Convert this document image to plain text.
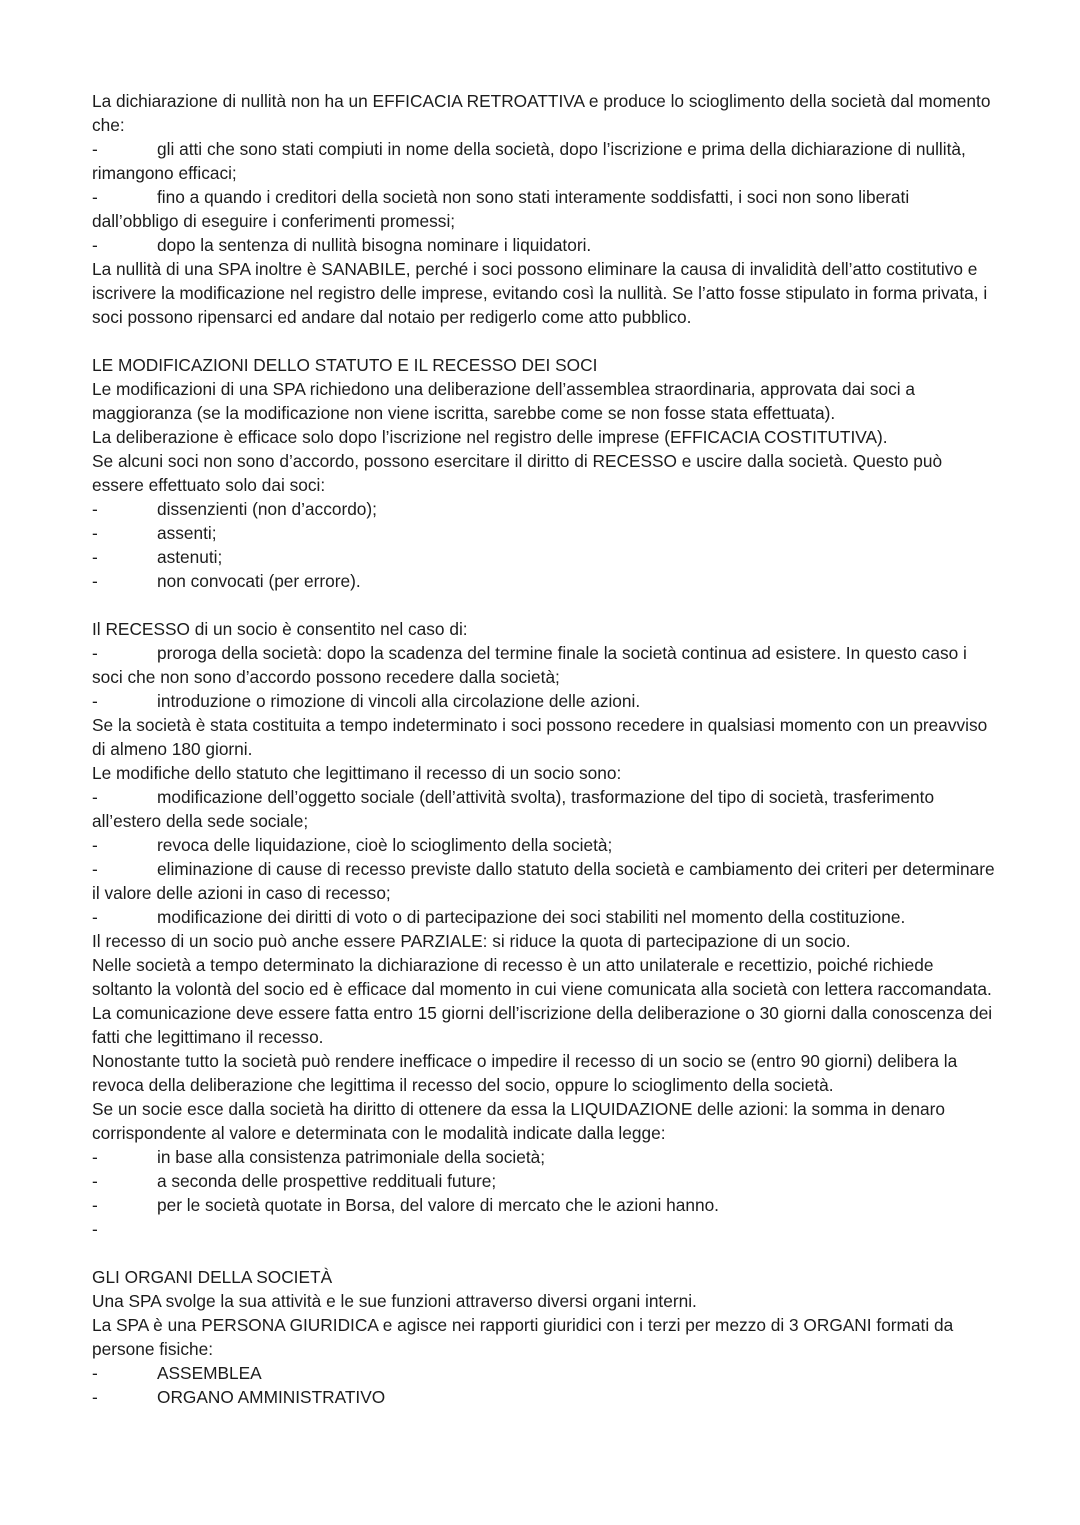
La dichiarazione di nullità non ha un EFFICACIA RETROATTIVA e produce lo scioglimento della società dal momento che:

-	gli atti che sono stati compiuti in nome della società, dopo l’iscrizione e prima della dichiarazione di nullità, rimangono efficaci;
-	fino a quando i creditori della società non sono stati interamente soddisfatti, i soci non sono liberati dall’obbligo di eseguire i conferimenti promessi;
-	dopo la sentenza di nullità bisogna nominare i liquidatori.

La nullità di una SPA inoltre è SANABILE, perché i soci possono eliminare la causa di invalidità dell’atto costitutivo e iscrivere la modificazione nel registro delle imprese, evitando così la nullità. Se l’atto fosse stipulato in forma privata, i soci possono ripensarci ed andare dal notaio per redigerlo come atto pubblico.

LE MODIFICAZIONI DELLO STATUTO E IL RECESSO DEI SOCI

Le modificazioni di una SPA richiedono una deliberazione dell’assemblea straordinaria, approvata dai soci a maggioranza (se la modificazione non viene iscritta, sarebbe come se non fosse stata effettuata).

La deliberazione è efficace solo dopo l’iscrizione nel registro delle imprese (EFFICACIA COSTITUTIVA).

Se alcuni soci non sono d’accordo, possono esercitare il diritto di RECESSO e uscire dalla società. Questo può essere effettuato solo dai soci:

-	dissenzienti (non d’accordo);
-	assenti;
-	astenuti;
-	non convocati (per errore).

Il RECESSO di un socio è consentito nel caso di:

-	proroga della società: dopo la scadenza del termine finale la società continua ad esistere. In questo caso i soci che non sono d’accordo possono recedere dalla società;
-	introduzione o rimozione di vincoli alla circolazione delle azioni.

Se la società è stata costituita a tempo indeterminato i soci possono recedere in qualsiasi momento con un preavviso di almeno 180 giorni.

Le modifiche dello statuto che legittimano il recesso di un socio sono:

-	modificazione dell’oggetto sociale (dell’attività svolta), trasformazione del tipo di società, trasferimento all’estero della sede sociale;
-	revoca delle liquidazione, cioè lo scioglimento della società;
-	eliminazione di cause di recesso previste dallo statuto della società e cambiamento dei criteri per determinare il valore delle azioni in caso di recesso;
-	modificazione dei diritti di voto o di partecipazione dei soci stabiliti nel momento della costituzione.

Il recesso di un socio può anche essere PARZIALE: si riduce la quota di partecipazione di un socio.

Nelle società a tempo determinato la dichiarazione di recesso è un atto unilaterale e recettizio, poiché richiede soltanto la volontà del socio ed è efficace dal momento in cui viene comunicata alla società con lettera raccomandata.

La comunicazione deve essere fatta entro 15 giorni dell’iscrizione della deliberazione o 30 giorni dalla conoscenza dei fatti che legittimano il recesso.

Nonostante tutto la società può rendere inefficace o impedire il recesso di un socio se (entro 90 giorni) delibera la revoca della deliberazione che legittima il recesso del socio, oppure lo scioglimento della società.

Se un socie esce dalla società ha diritto di ottenere da essa la LIQUIDAZIONE delle azioni: la somma in denaro corrispondente al valore e determinata con le modalità indicate dalla legge:

-	in base alla consistenza patrimoniale della società;
-	a seconda delle prospettive reddituali future;
-	per le società quotate in Borsa, del valore di mercato che le azioni hanno.
-

GLI ORGANI DELLA SOCIETÀ

Una SPA svolge la sua attività e le sue funzioni attraverso diversi organi interni.

La SPA è una PERSONA GIURIDICA e agisce nei rapporti giuridici con i terzi per mezzo di 3 ORGANI formati da persone fisiche:

-	ASSEMBLEA
-	ORGANO AMMINISTRATIVO
